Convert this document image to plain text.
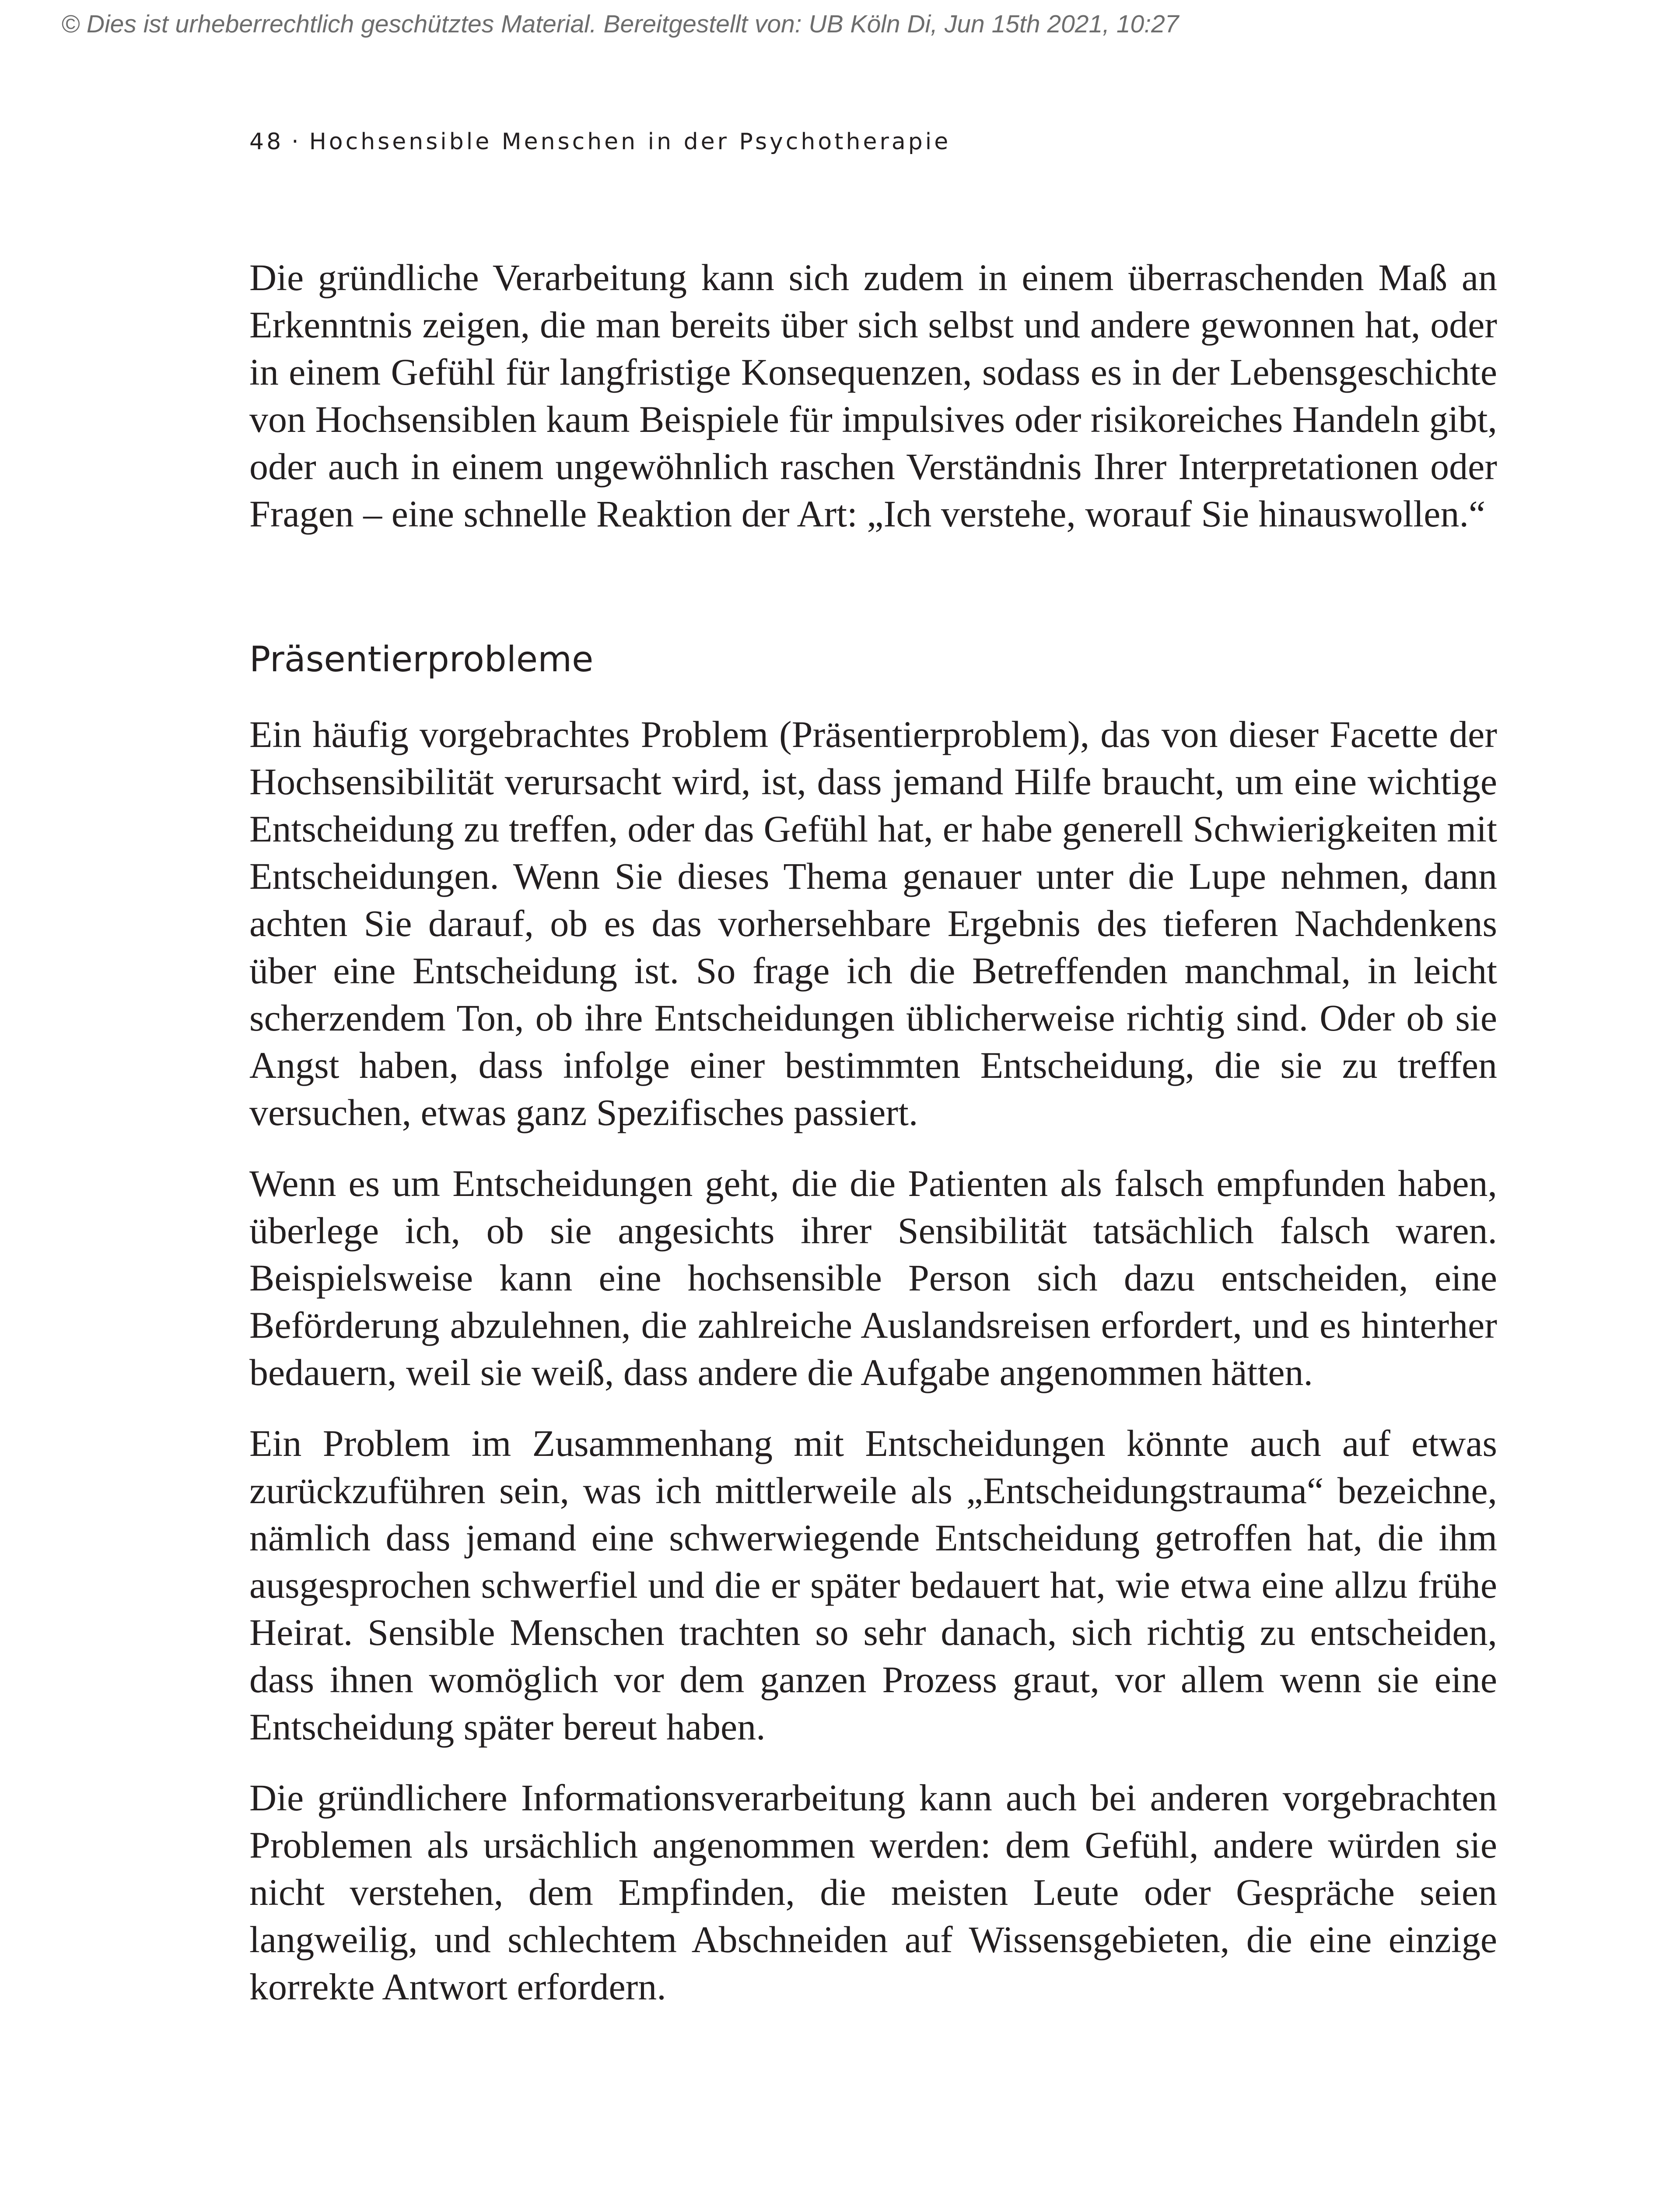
© Dies ist urheberrechtlich geschütztes Material. Bereitgestellt von: UB Köln Di, Jun 15th 2021, 10:27
48 · Hochsensible Menschen in der Psychotherapie

Die gründliche Verarbeitung kann sich zudem in einem überraschenden Maß an Erkenntnis zeigen, die man bereits über sich selbst und andere gewonnen hat, oder in einem Gefühl für langfristige Konsequenzen, sodass es in der Lebensgeschichte von Hochsensiblen kaum Beispiele für impulsives oder risikoreiches Handeln gibt, oder auch in einem ungewöhnlich raschen Verständnis Ihrer Interpretationen oder Fragen – eine schnelle Reaktion der Art: „Ich verstehe, worauf Sie hinauswollen.“

Präsentierprobleme

Ein häufig vorgebrachtes Problem (Präsentierproblem), das von dieser Facette der Hochsensibilität verursacht wird, ist, dass jemand Hilfe braucht, um eine wichtige Entscheidung zu treffen, oder das Gefühl hat, er habe generell Schwierigkeiten mit Entscheidungen. Wenn Sie dieses Thema genauer unter die Lupe nehmen, dann achten Sie darauf, ob es das vorhersehbare Ergebnis des tieferen Nachdenkens über eine Entscheidung ist. So frage ich die Betreffenden manchmal, in leicht scherzendem Ton, ob ihre Entscheidungen üblicherweise richtig sind. Oder ob sie Angst haben, dass infolge einer bestimmten Entscheidung, die sie zu treffen versuchen, etwas ganz Spezifisches passiert.

Wenn es um Entscheidungen geht, die die Patienten als falsch empfunden haben, überlege ich, ob sie angesichts ihrer Sensibilität tatsächlich falsch waren. Beispielsweise kann eine hochsensible Person sich dazu entscheiden, eine Beförderung abzulehnen, die zahlreiche Auslandsreisen erfordert, und es hinterher bedauern, weil sie weiß, dass andere die Aufgabe angenommen hätten.

Ein Problem im Zusammenhang mit Entscheidungen könnte auch auf etwas zurückzuführen sein, was ich mittlerweile als „Entscheidungstrauma“ bezeichne, nämlich dass jemand eine schwerwiegende Entscheidung getroffen hat, die ihm ausgesprochen schwerfiel und die er später bedauert hat, wie etwa eine allzu frühe Heirat. Sensible Menschen trachten so sehr danach, sich richtig zu entscheiden, dass ihnen womöglich vor dem ganzen Prozess graut, vor allem wenn sie eine Entscheidung später bereut haben.

Die gründlichere Informationsverarbeitung kann auch bei anderen vorgebrachten Problemen als ursächlich angenommen werden: dem Gefühl, andere würden sie nicht verstehen, dem Empfinden, die meisten Leute oder Gespräche seien langweilig, und schlechtem Abschneiden auf Wissensgebieten, die eine einzige korrekte Antwort erfordern.
